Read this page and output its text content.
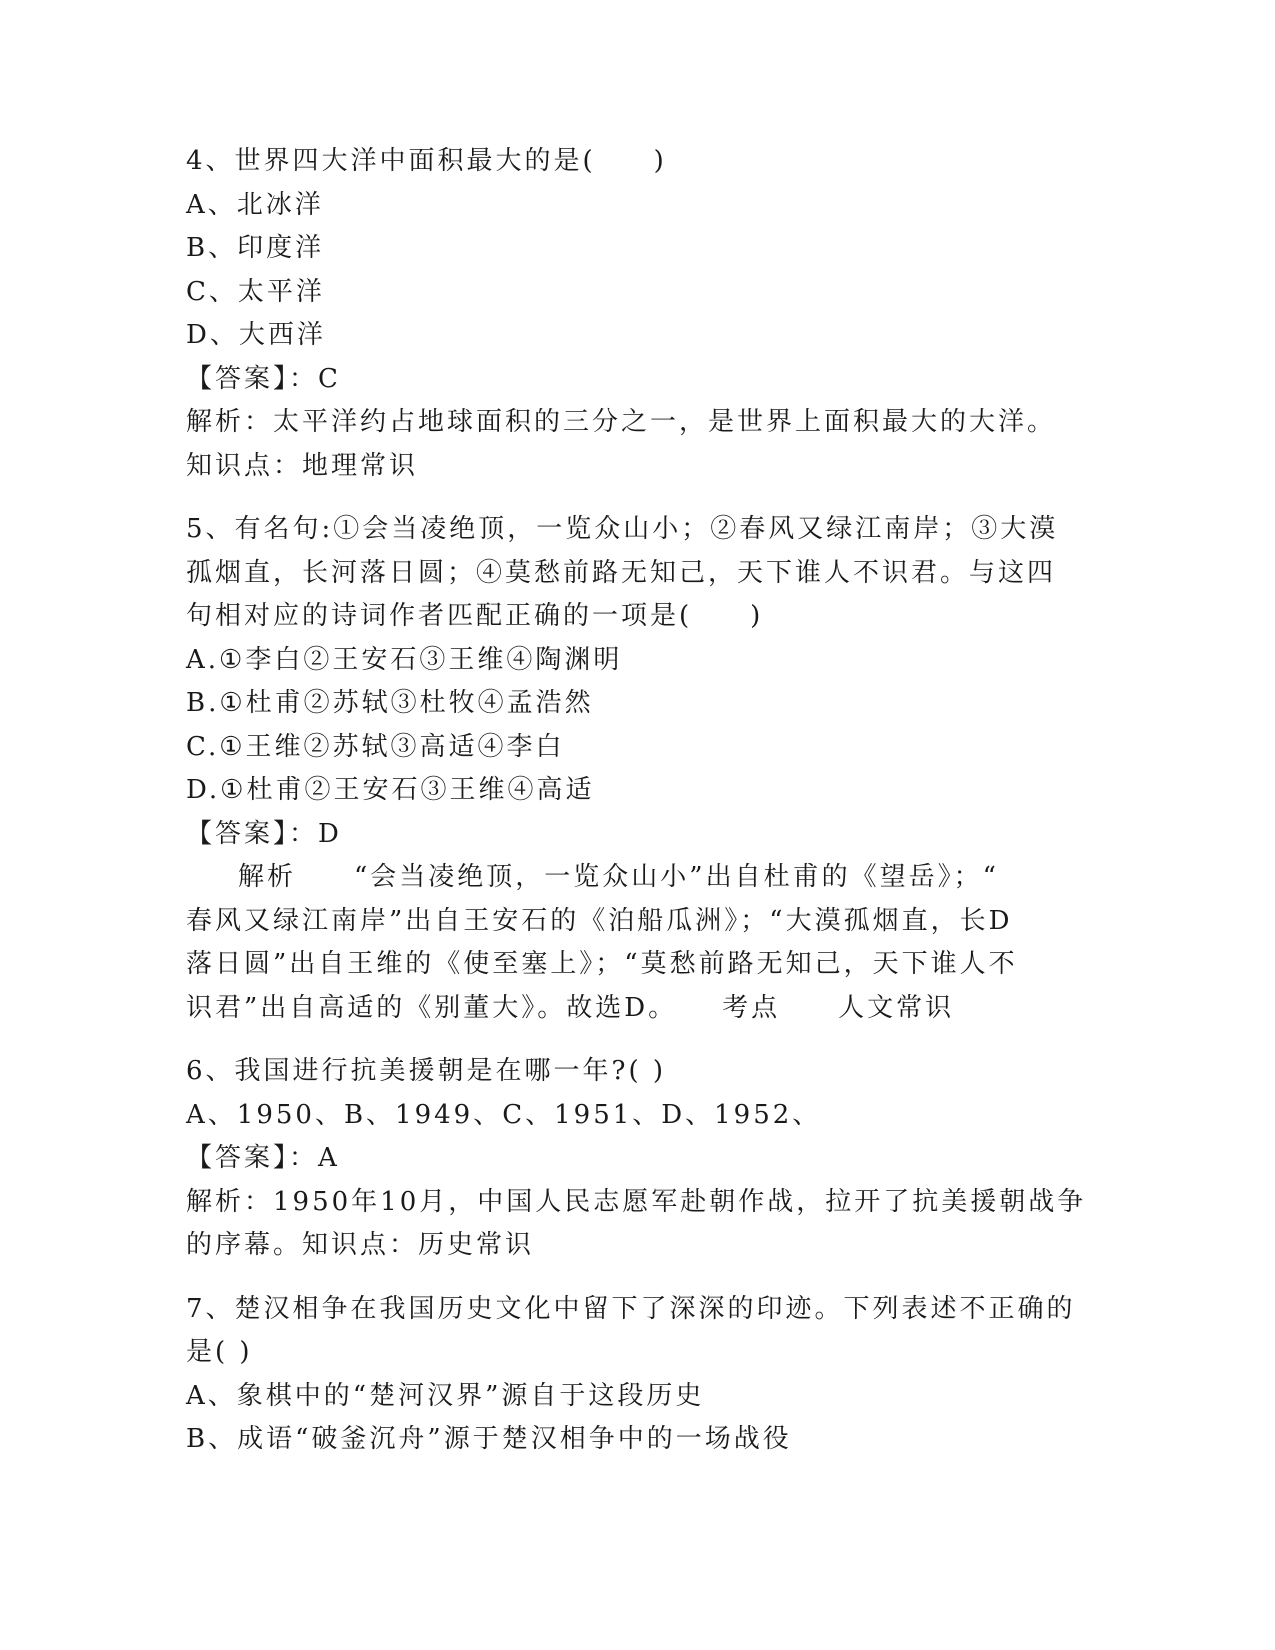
4、世界四大洋中面积最大的是(　　)
A、北冰洋
B、印度洋
C、太平洋
D、大西洋
【答案】：C
解析：太平洋约占地球面积的三分之一，是世界上面积最大的大洋。
知识点：地理常识
5、有名句:①会当凌绝顶，一览众山小；②春风又绿江南岸；③大漠
孤烟直，长河落日圆；④莫愁前路无知己，天下谁人不识君。与这四
句相对应的诗词作者匹配正确的一项是(　　)
A.①李白②王安石③王维④陶渊明
B.①杜甫②苏轼③杜牧④孟浩然
C.①王维②苏轼③高适④李白
D.①杜甫②王安石③王维④高适
【答案】：D
解析　　“会当凌绝顶，一览众山小”出自杜甫的《望岳》；“
春风又绿江南岸”出自王安石的《泊船瓜洲》；“大漠孤烟直，长D
落日圆”出自王维的《使至塞上》；“莫愁前路无知己，天下谁人不
识君”出自高适的《别董大》。故选D。　　考点　　人文常识
6、我国进行抗美援朝是在哪一年?( )
A、1950、B、1949、C、1951、D、1952、
【答案】：A
解析：1950年10月，中国人民志愿军赴朝作战，拉开了抗美援朝战争
的序幕。知识点：历史常识
7、楚汉相争在我国历史文化中留下了深深的印迹。下列表述不正确的
是( )
A、象棋中的“楚河汉界”源自于这段历史
B、成语“破釜沉舟”源于楚汉相争中的一场战役
